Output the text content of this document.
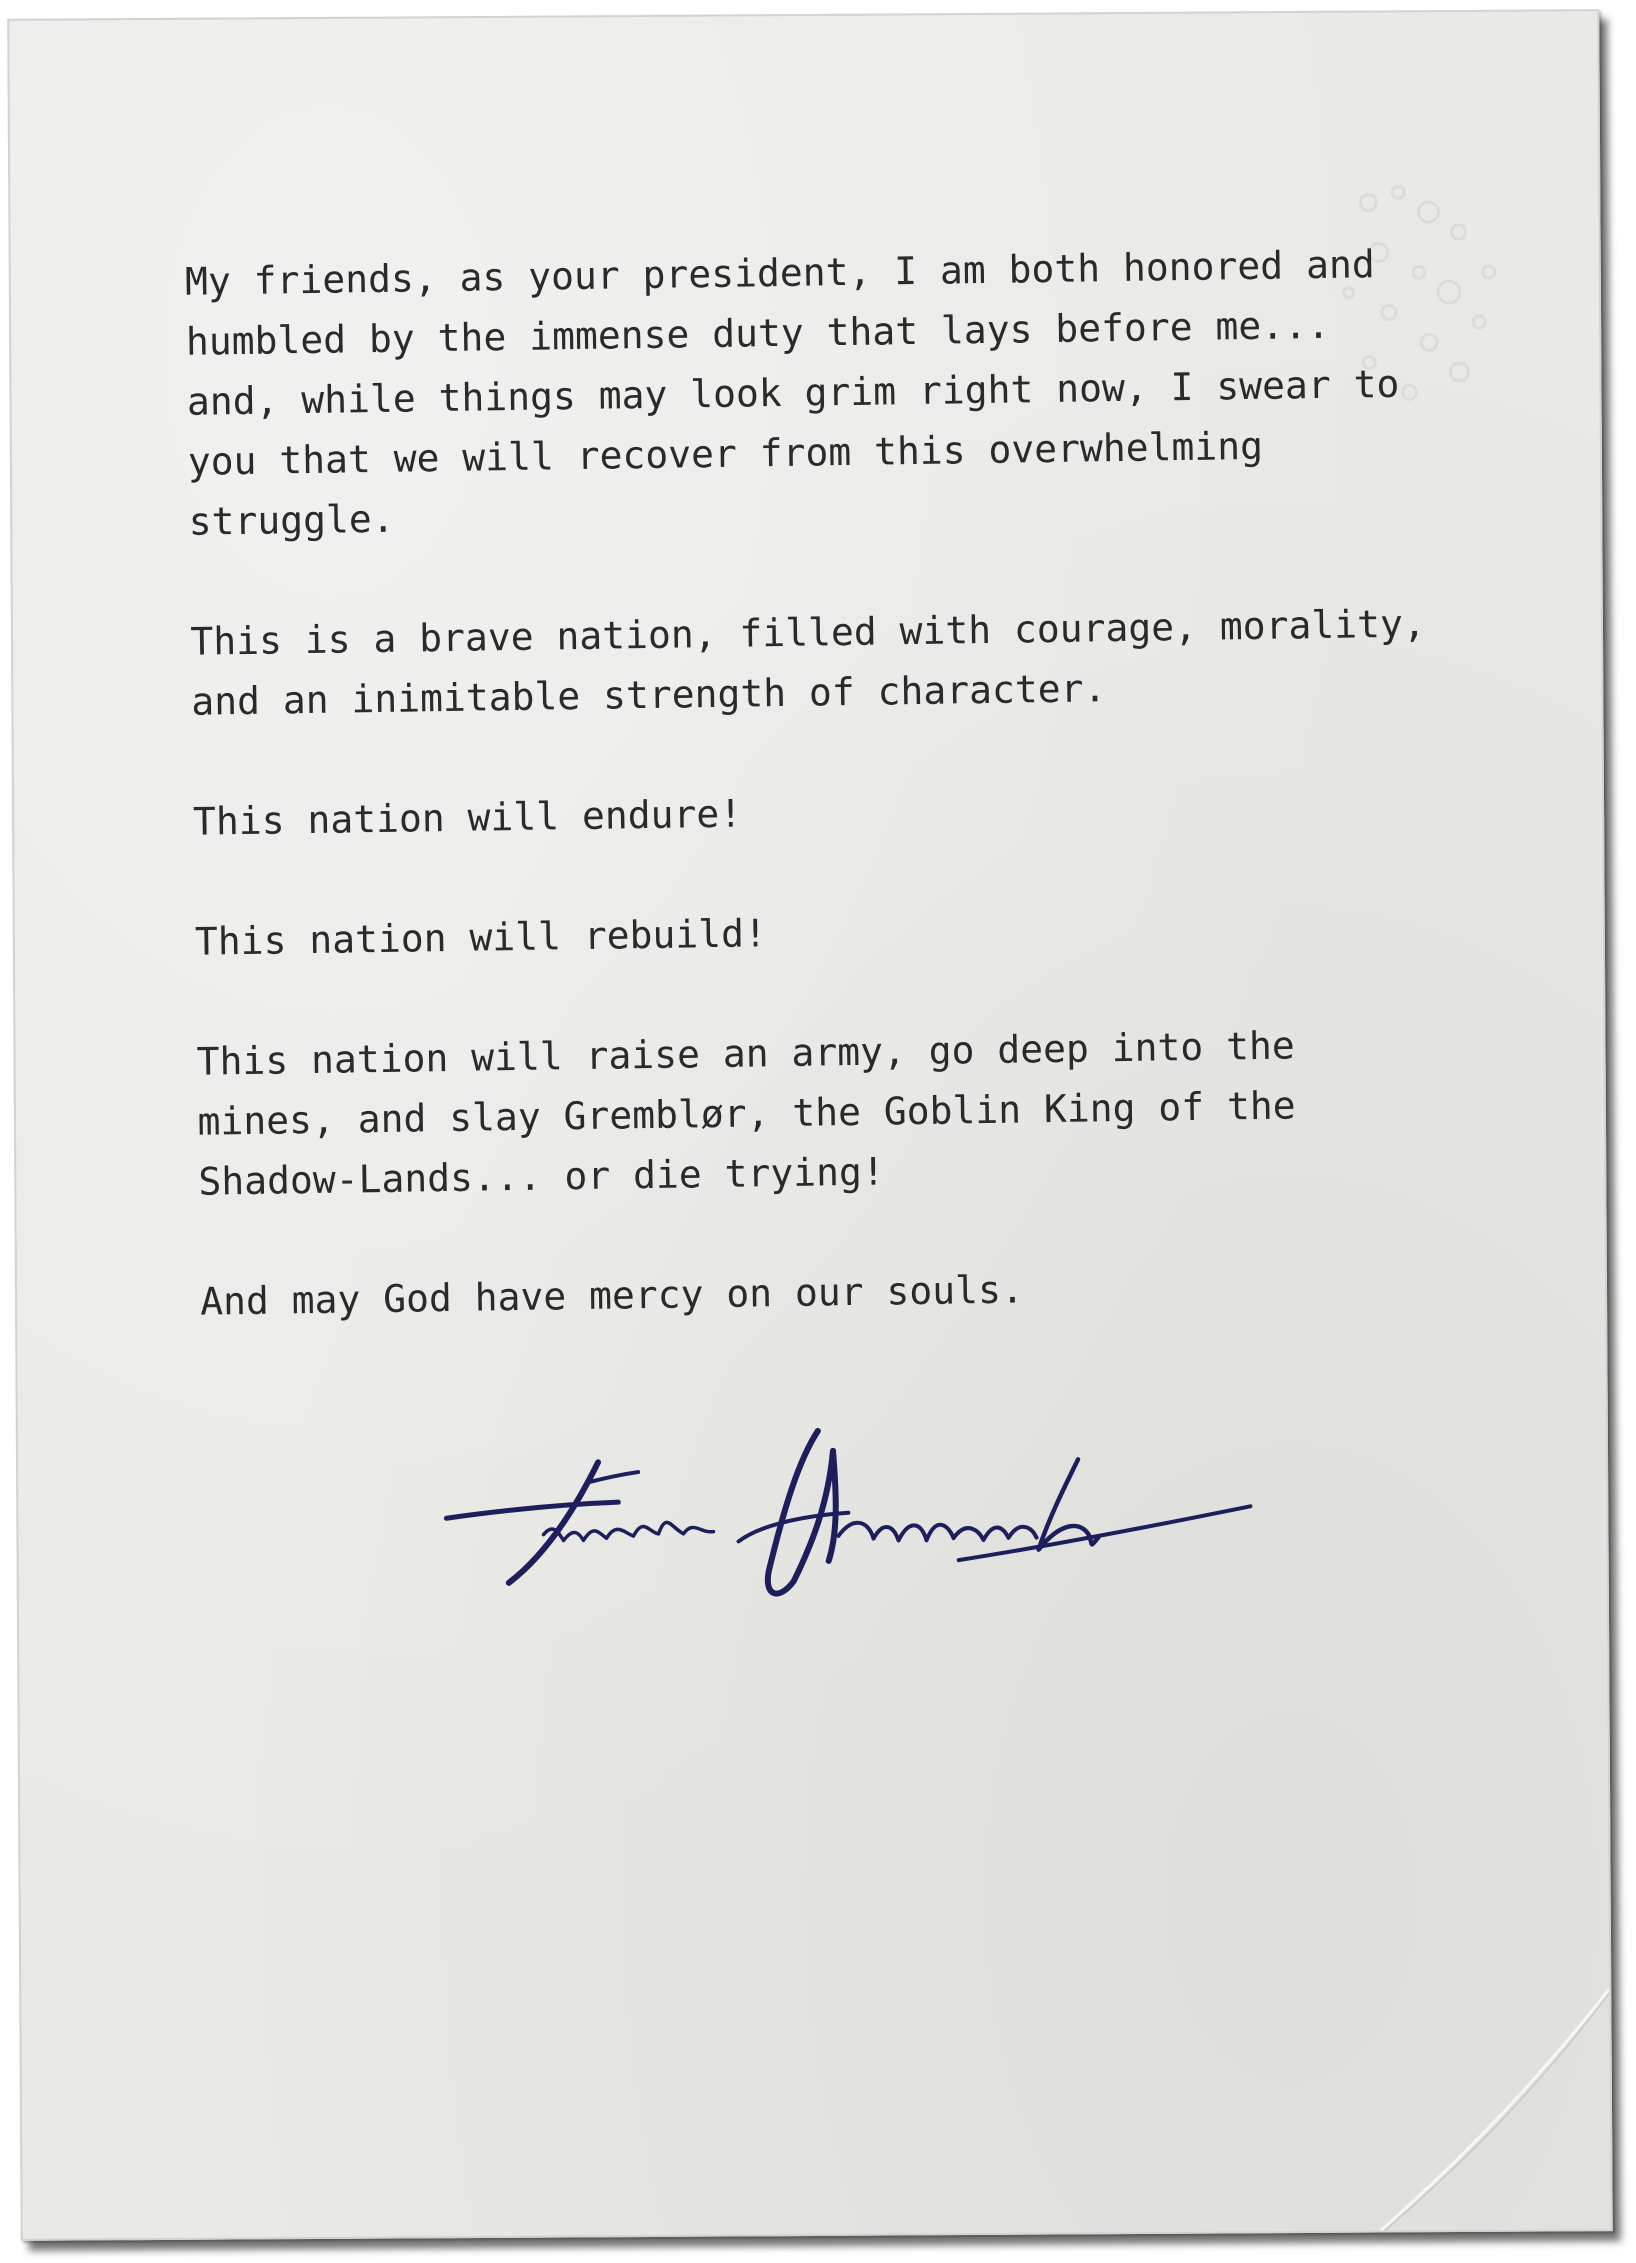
My friends, as your president, I am both honored and humbled by the immense duty that lays before me... and, while things may look grim right now, I swear to you that we will recover from this overwhelming struggle.

This is a brave nation, filled with courage, morality, and an inimitable strength of character.

This nation will endure!

This nation will rebuild!

This nation will raise an army, go deep into the mines, and slay Gremblør, the Goblin King of the Shadow-Lands... or die trying!

And may God have mercy on our souls.
